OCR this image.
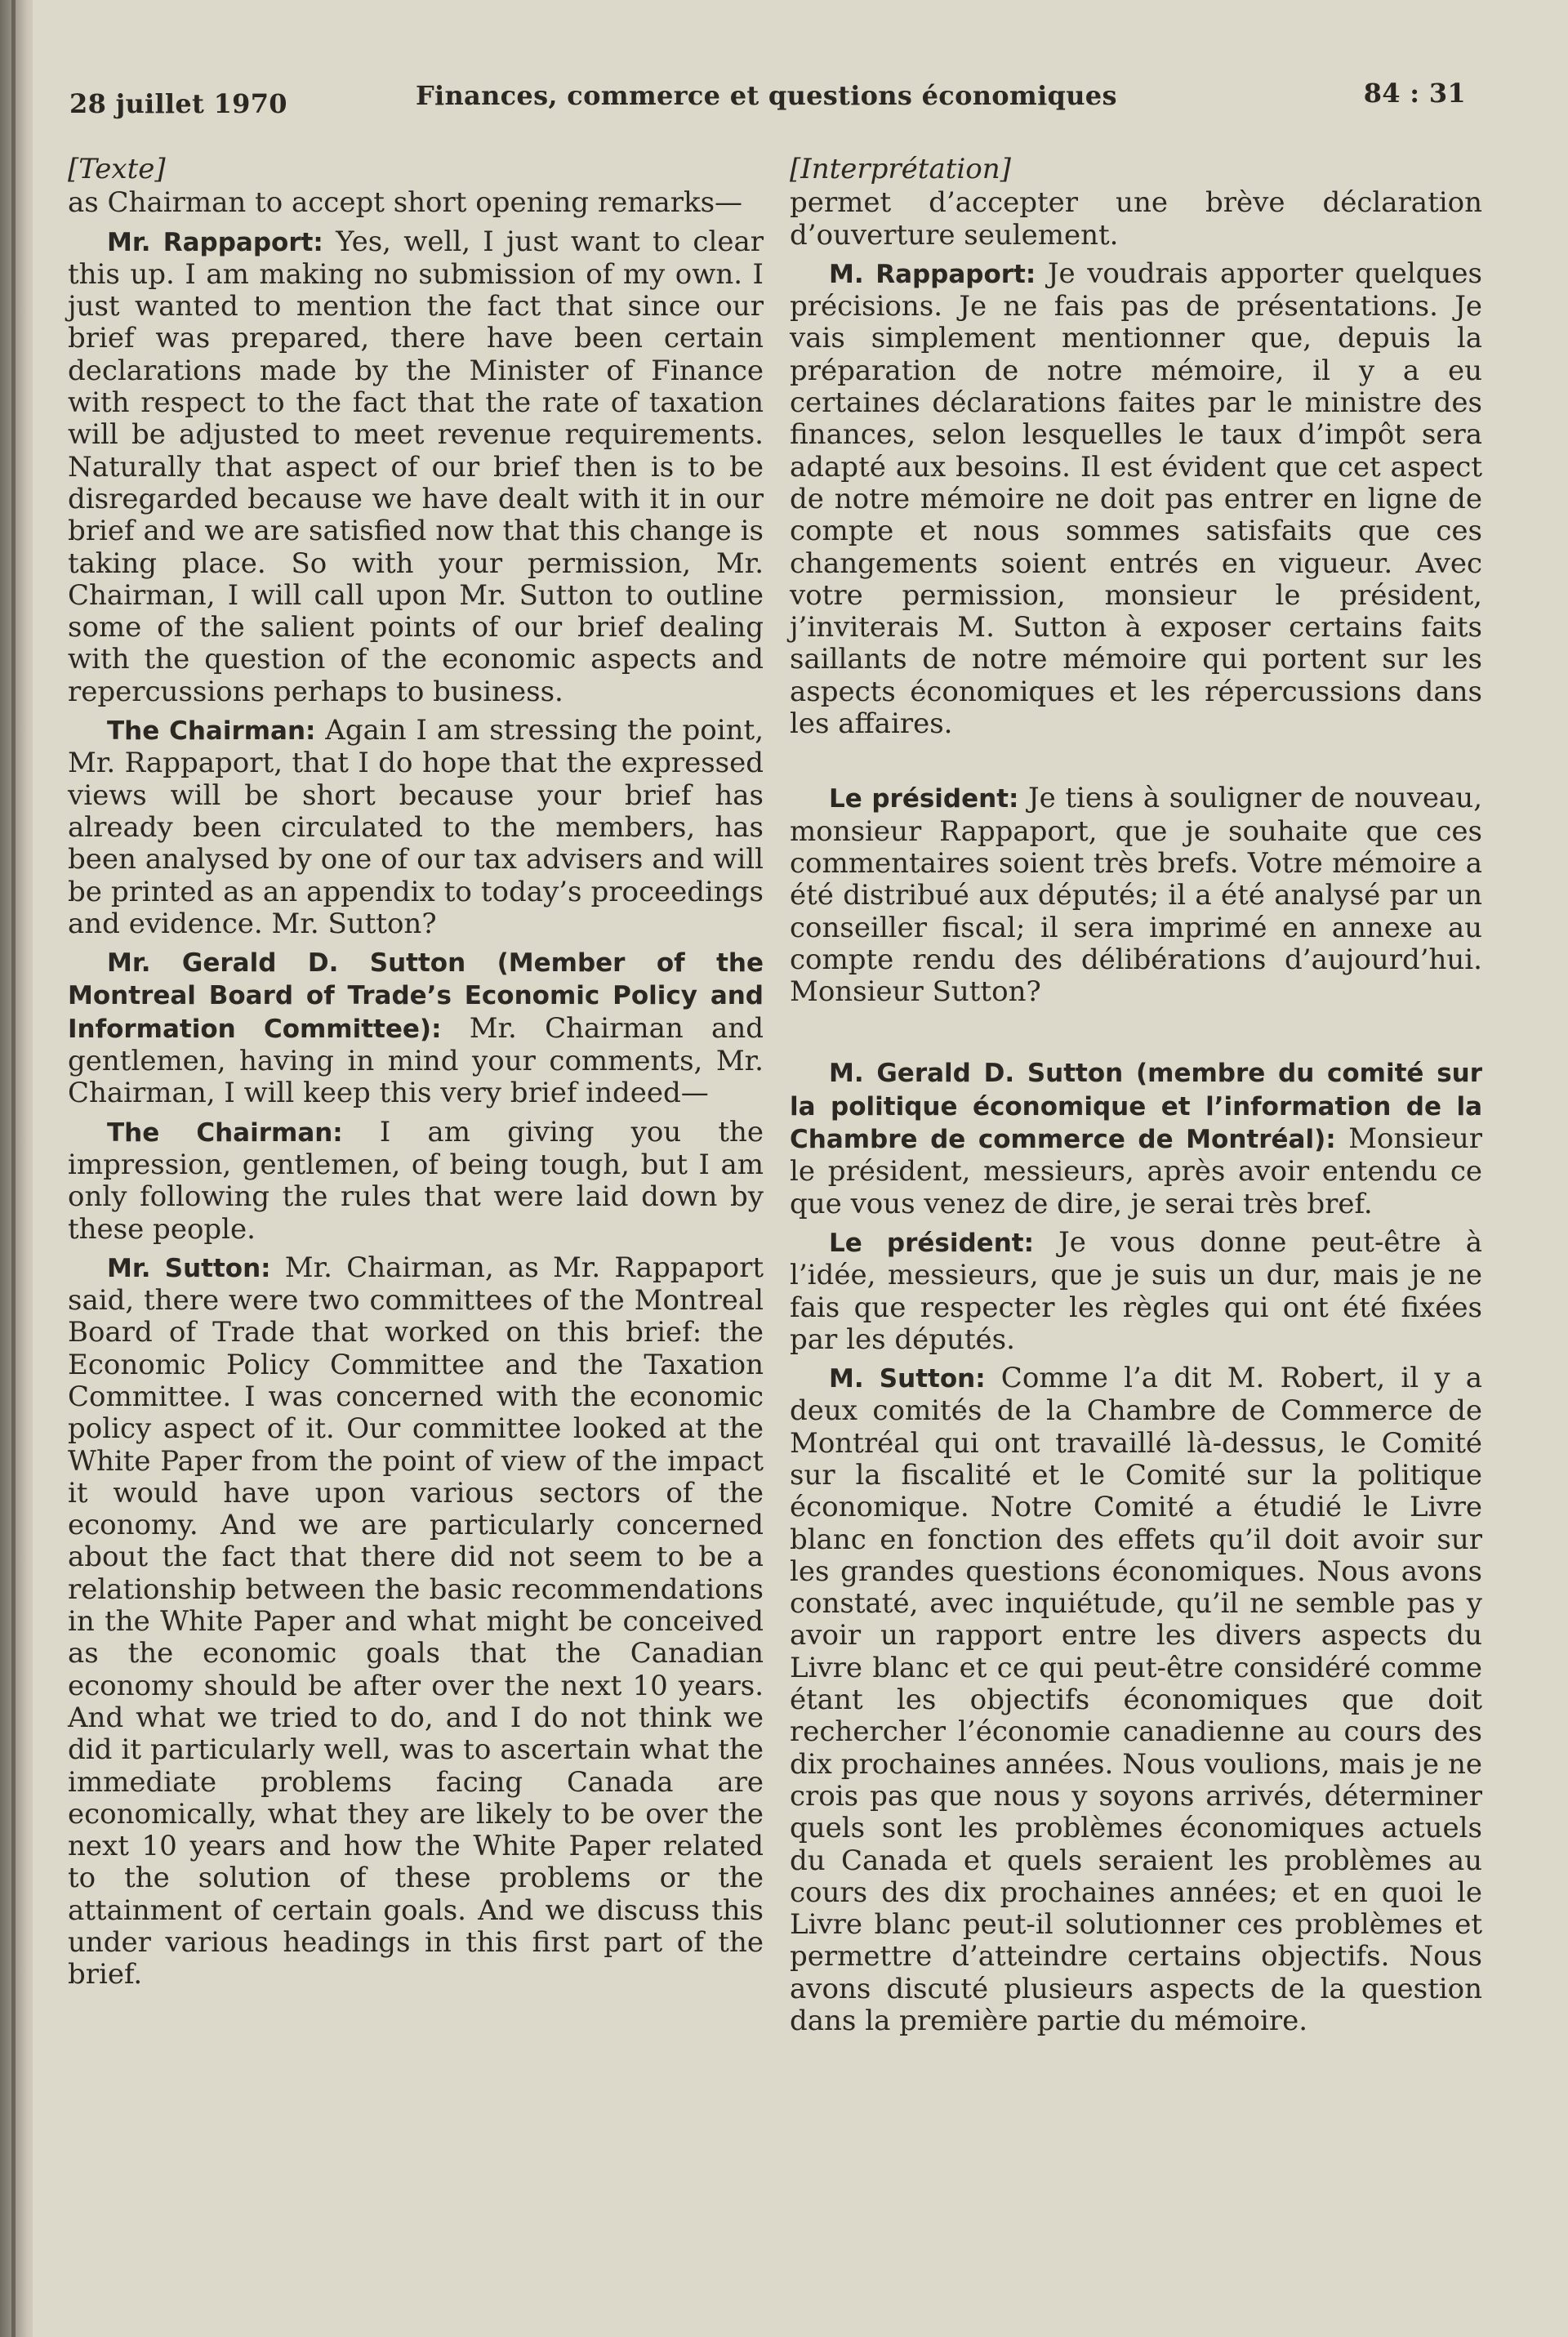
28 juillet 1970	Finances, commerce et questions économiques	84 : 31
[Texte]

as Chairman to accept short opening remarks—

Mr. Rappaport: Yes, well, I just want to clear this up. I am making no submission of my own. I just wanted to mention the fact that since our brief was prepared, there have been certain declarations made by the Minister of Finance with respect to the fact that the rate of taxation will be adjusted to meet revenue requirements. Naturally that aspect of our brief then is to be disregarded because we have dealt with it in our brief and we are satisfied now that this change is taking place. So with your permission, Mr. Chairman, I will call upon Mr. Sutton to outline some of the salient points of our brief dealing with the question of the economic aspects and repercussions perhaps to business.

The Chairman: Again I am stressing the point, Mr. Rappaport, that I do hope that the expressed views will be short because your brief has already been circulated to the members, has been analysed by one of our tax advisers and will be printed as an appendix to today’s proceedings and evidence. Mr. Sutton?

Mr. Gerald D. Sutton (Member of the Montreal Board of Trade’s Economic Policy and Information Committee): Mr. Chairman and gentlemen, having in mind your comments, Mr. Chairman, I will keep this very brief indeed—

The Chairman: I am giving you the impression, gentlemen, of being tough, but I am only following the rules that were laid down by these people.

Mr. Sutton: Mr. Chairman, as Mr. Rappaport said, there were two committees of the Montreal Board of Trade that worked on this brief: the Economic Policy Committee and the Taxation Committee. I was concerned with the economic policy aspect of it. Our committee looked at the White Paper from the point of view of the impact it would have upon various sectors of the economy. And we are particularly concerned about the fact that there did not seem to be a relationship between the basic recommendations in the White Paper and what might be conceived as the economic goals that the Canadian economy should be after over the next 10 years. And what we tried to do, and I do not think we did it particularly well, was to ascertain what the immediate problems facing Canada are economically, what they are likely to be over the next 10 years and how the White Paper related to the solution of these problems or the attainment of certain goals. And we discuss this under various headings in this first part of the brief.

[Interprétation]

permet d’accepter une brève déclaration d’ouverture seulement.

M. Rappaport: Je voudrais apporter quelques précisions. Je ne fais pas de présentations. Je vais simplement mentionner que, depuis la préparation de notre mémoire, il y a eu certaines déclarations faites par le ministre des finances, selon lesquelles le taux d’impôt sera adapté aux besoins. Il est évident que cet aspect de notre mémoire ne doit pas entrer en ligne de compte et nous sommes satisfaits que ces changements soient entrés en vigueur. Avec votre permission, monsieur le président, j’inviterais M. Sutton à exposer certains faits saillants de notre mémoire qui portent sur les aspects économiques et les répercussions dans les affaires.

Le président: Je tiens à souligner de nouveau, monsieur Rappaport, que je souhaite que ces commentaires soient très brefs. Votre mémoire a été distribué aux députés; il a été analysé par un conseiller fiscal; il sera imprimé en annexe au compte rendu des délibérations d’aujourd’hui. Monsieur Sutton?

M. Gerald D. Sutton (membre du comité sur la politique économique et l’information de la Chambre de commerce de Montréal): Monsieur le président, messieurs, après avoir entendu ce que vous venez de dire, je serai très bref.

Le président: Je vous donne peut-être à l’idée, messieurs, que je suis un dur, mais je ne fais que respecter les règles qui ont été fixées par les députés.

M. Sutton: Comme l’a dit M. Robert, il y a deux comités de la Chambre de Commerce de Montréal qui ont travaillé là-dessus, le Comité sur la fiscalité et le Comité sur la politique économique. Notre Comité a étudié le Livre blanc en fonction des effets qu’il doit avoir sur les grandes questions économiques. Nous avons constaté, avec inquiétude, qu’il ne semble pas y avoir un rapport entre les divers aspects du Livre blanc et ce qui peut-être considéré comme étant les objectifs économiques que doit rechercher l’économie canadienne au cours des dix prochaines années. Nous voulions, mais je ne crois pas que nous y soyons arrivés, déterminer quels sont les problèmes économiques actuels du Canada et quels seraient les problèmes au cours des dix prochaines années; et en quoi le Livre blanc peut-il solutionner ces problèmes et permettre d’atteindre certains objectifs. Nous avons discuté plusieurs aspects de la question dans la première partie du mémoire.
